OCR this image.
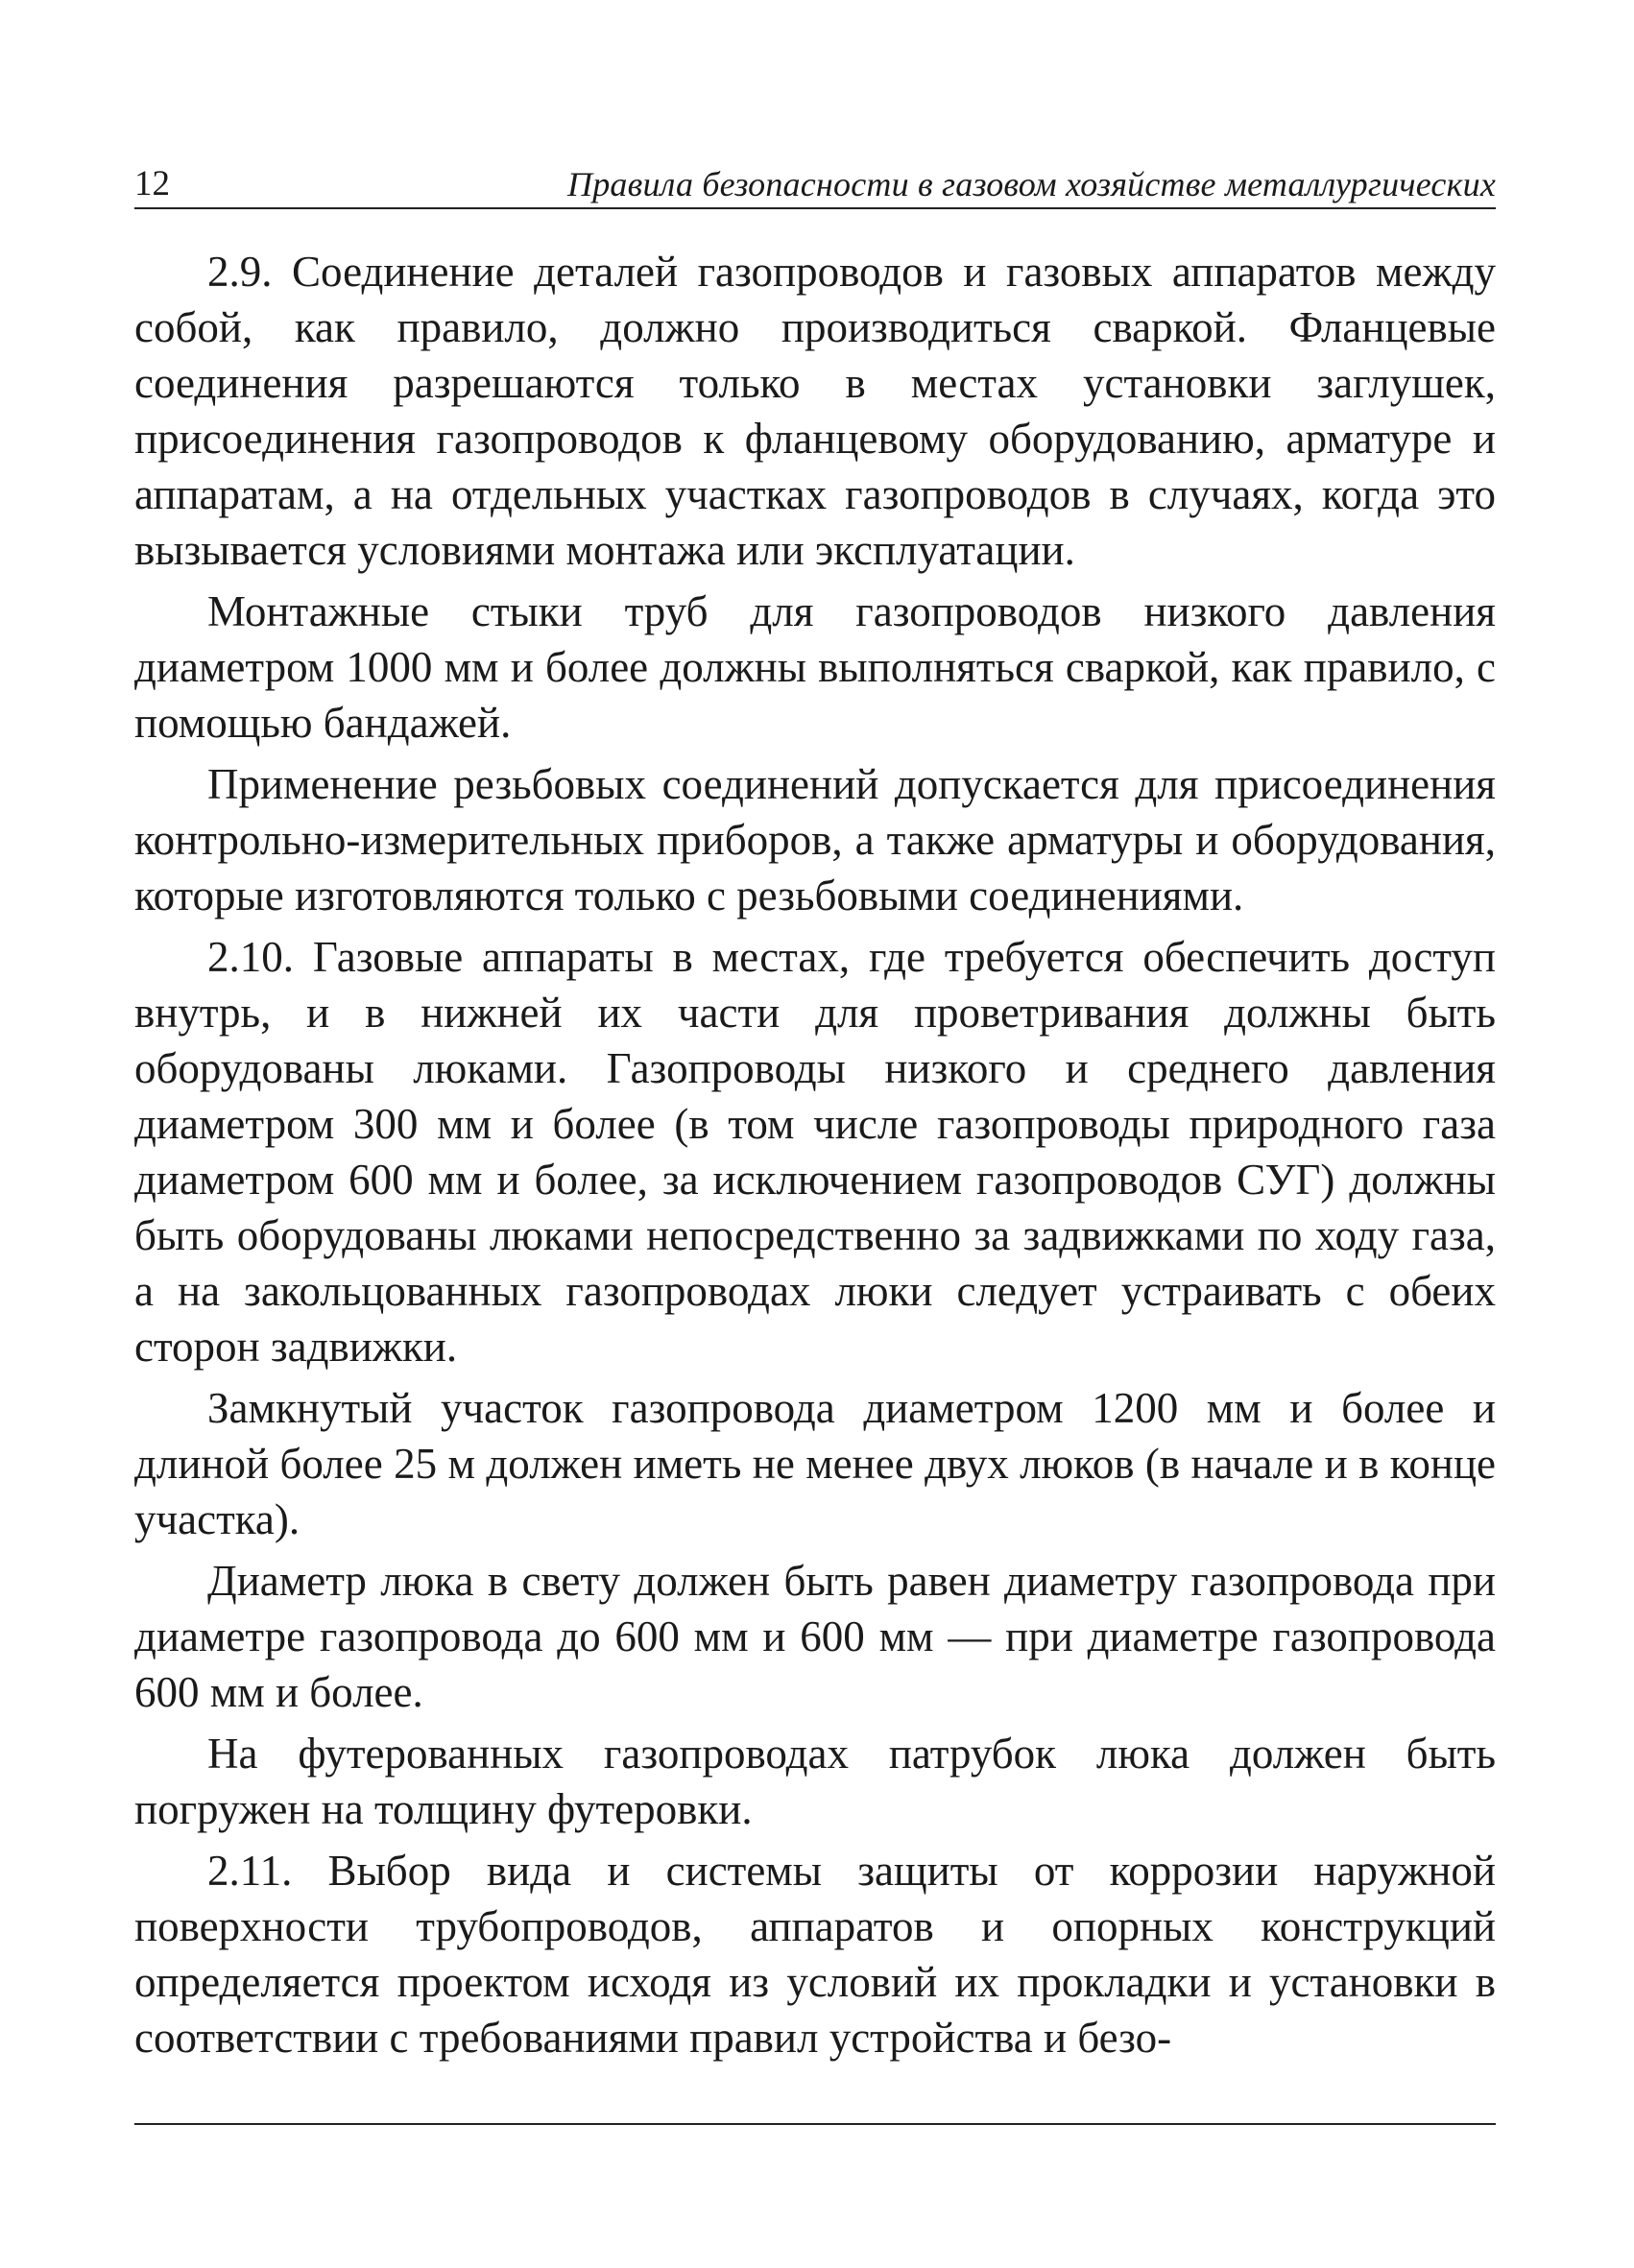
12	Правила безопасности в газовом хозяйстве металлургических

2.9. Соединение деталей газопроводов и газовых аппаратов между собой, как правило, должно производиться сваркой. Фланцевые соединения разрешаются только в местах установки заглушек, присоединения газопроводов к фланцевому оборудованию, арматуре и аппаратам, а на отдельных участках газопроводов в случаях, когда это вызывается условиями монтажа или эксплуатации.

Монтажные стыки труб для газопроводов низкого давления диаметром 1000 мм и более должны выполняться сваркой, как правило, с помощью бандажей.

Применение резьбовых соединений допускается для присоединения контрольно-измерительных приборов, а также арматуры и оборудования, которые изготовляются только с резьбовыми соединениями.

2.10. Газовые аппараты в местах, где требуется обеспечить доступ внутрь, и в нижней их части для проветривания должны быть оборудованы люками. Газопроводы низкого и среднего давления диаметром 300 мм и более (в том числе газопроводы природного газа диаметром 600 мм и более, за исключением газопроводов СУГ) должны быть оборудованы люками непосредственно за задвижками по ходу газа, а на закольцованных газопроводах люки следует устраивать с обеих сторон задвижки.

Замкнутый участок газопровода диаметром 1200 мм и более и длиной более 25 м должен иметь не менее двух люков (в начале и в конце участка).

Диаметр люка в свету должен быть равен диаметру газопровода при диаметре газопровода до 600 мм и 600 мм — при диаметре газопровода 600 мм и более.

На футерованных газопроводах патрубок люка должен быть погружен на толщину футеровки.

2.11. Выбор вида и системы защиты от коррозии наружной поверхности трубопроводов, аппаратов и опорных конструкций определяется проектом исходя из условий их прокладки и установки в соответствии с требованиями правил устройства и безо-
